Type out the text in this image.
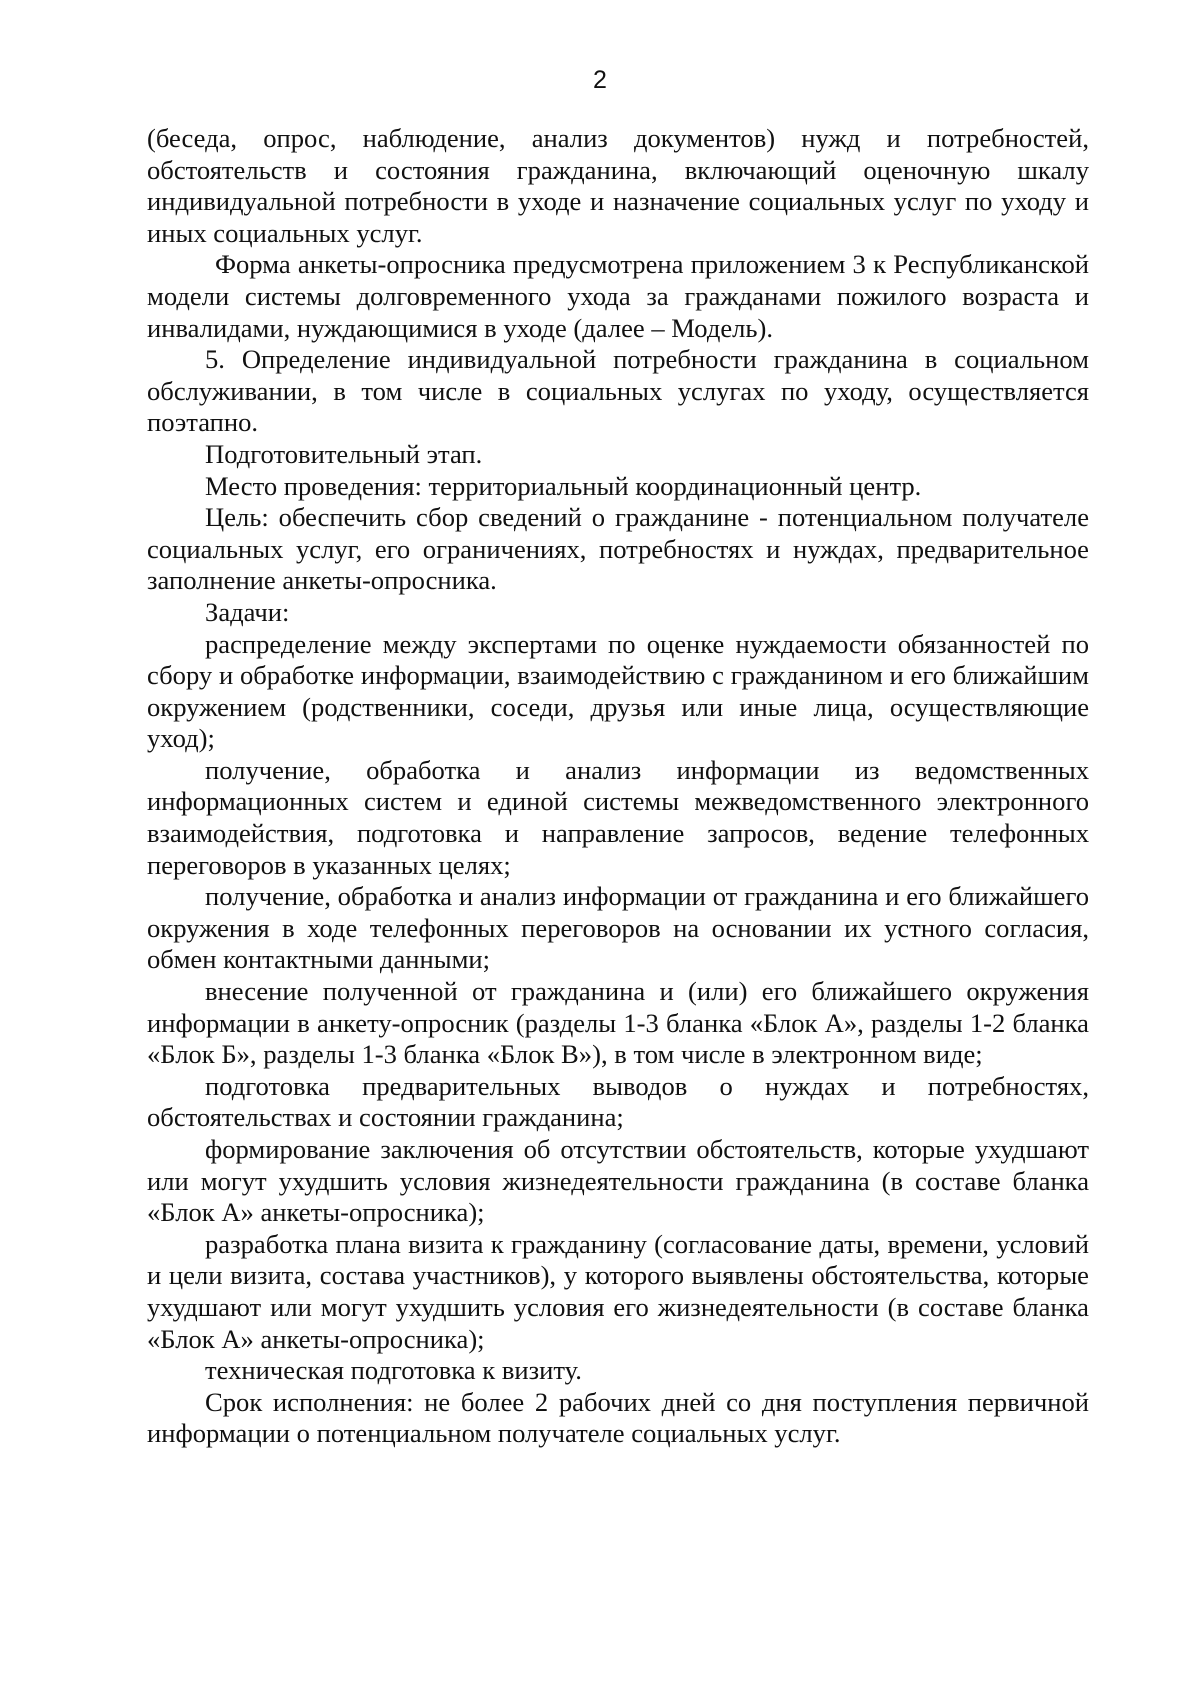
2

(беседа, опрос, наблюдение, анализ документов) нужд и потребностей, обстоятельств и состояния гражданина, включающий оценочную шкалу индивидуальной потребности в уходе и назначение социальных услуг по уходу и иных социальных услуг.

Форма анкеты-опросника предусмотрена приложением 3 к Республиканской модели системы долговременного ухода за гражданами пожилого возраста и инвалидами, нуждающимися в уходе (далее – Модель).

5. Определение индивидуальной потребности гражданина в социальном обслуживании, в том числе в социальных услугах по уходу, осуществляется поэтапно.

Подготовительный этап.

Место проведения: территориальный координационный центр.

Цель: обеспечить сбор сведений о гражданине - потенциальном получателе социальных услуг, его ограничениях, потребностях и нуждах, предварительное заполнение анкеты-опросника.

Задачи:

распределение между экспертами по оценке нуждаемости обязанностей по сбору и обработке информации, взаимодействию с гражданином и его ближайшим окружением (родственники, соседи, друзья или иные лица, осуществляющие уход);

получение, обработка и анализ информации из ведомственных информационных систем и единой системы межведомственного электронного взаимодействия, подготовка и направление запросов, ведение телефонных переговоров в указанных целях;

получение, обработка и анализ информации от гражданина и его ближайшего окружения в ходе телефонных переговоров на основании их устного согласия, обмен контактными данными;

внесение полученной от гражданина и (или) его ближайшего окружения информации в анкету-опросник (разделы 1-3 бланка «Блок А», разделы 1-2 бланка «Блок Б», разделы 1-3 бланка «Блок В»), в том числе в электронном виде;

подготовка предварительных выводов о нуждах и потребностях, обстоятельствах и состоянии гражданина;

формирование заключения об отсутствии обстоятельств, которые ухудшают или могут ухудшить условия жизнедеятельности гражданина (в составе бланка «Блок А» анкеты-опросника);

разработка плана визита к гражданину (согласование даты, времени, условий и цели визита, состава участников), у которого выявлены обстоятельства, которые ухудшают или могут ухудшить условия его жизнедеятельности (в составе бланка «Блок А» анкеты-опросника);

техническая подготовка к визиту.

Срок исполнения: не более 2 рабочих дней со дня поступления первичной информации о потенциальном получателе социальных услуг.
